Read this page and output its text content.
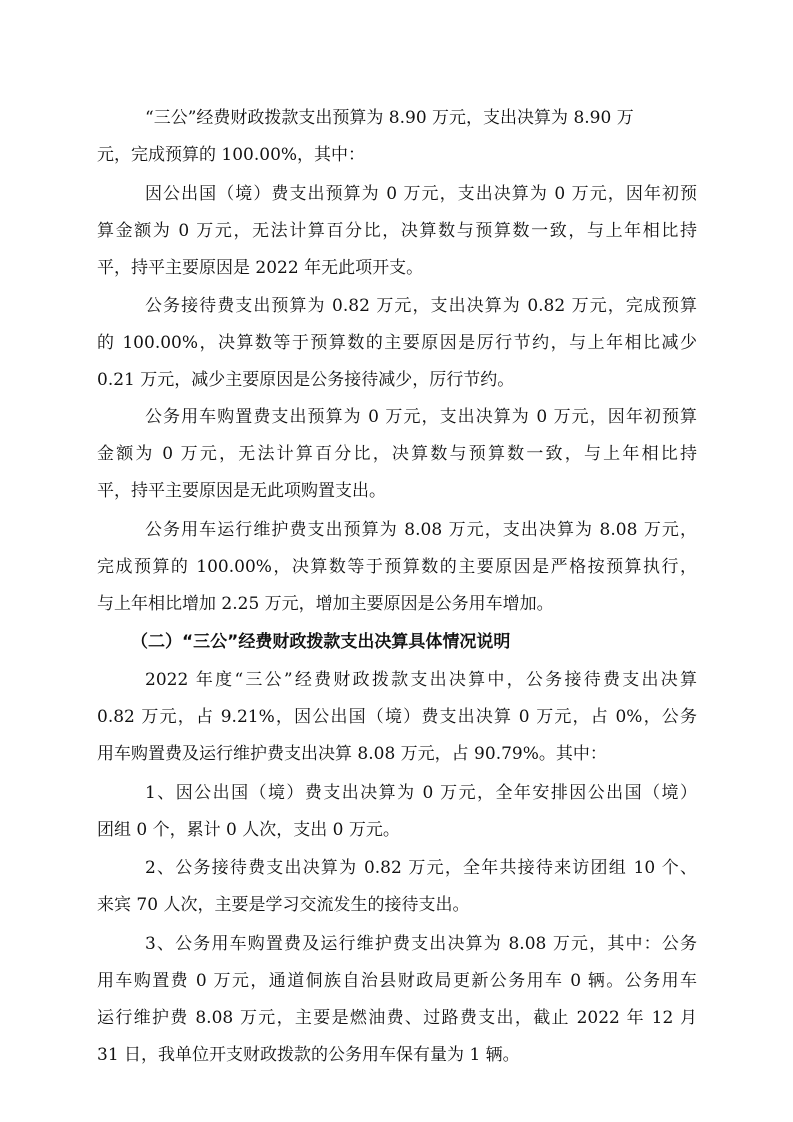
“三公”经费财政拨款支出预算为 8.90 万元，支出决算为 8.90 万
元，完成预算的 100.00%，其中：
因公出国（境）费支出预算为 0 万元，支出决算为 0 万元，因年初预
算金额为 0 万元，无法计算百分比，决算数与预算数一致，与上年相比持
平，持平主要原因是 2022 年无此项开支。
公务接待费支出预算为 0.82 万元，支出决算为 0.82 万元，完成预算
的 100.00%，决算数等于预算数的主要原因是厉行节约，与上年相比减少
0.21 万元，减少主要原因是公务接待减少，厉行节约。
公务用车购置费支出预算为 0 万元，支出决算为 0 万元，因年初预算
金额为 0 万元，无法计算百分比，决算数与预算数一致，与上年相比持
平，持平主要原因是无此项购置支出。
公务用车运行维护费支出预算为 8.08 万元，支出决算为 8.08 万元，
完成预算的 100.00%，决算数等于预算数的主要原因是严格按预算执行，
与上年相比增加 2.25 万元，增加主要原因是公务用车增加。
（二）“三公”经费财政拨款支出决算具体情况说明
2022 年度“三公”经费财政拨款支出决算中，公务接待费支出决算
0.82 万元，占 9.21%，因公出国（境）费支出决算 0 万元，占 0%，公务
用车购置费及运行维护费支出决算 8.08 万元，占 90.79%。其中：
1、因公出国（境）费支出决算为 0 万元，全年安排因公出国（境）
团组 0 个，累计 0 人次，支出 0 万元。
2、公务接待费支出决算为 0.82 万元，全年共接待来访团组 10 个、
来宾 70 人次，主要是学习交流发生的接待支出。
3、公务用车购置费及运行维护费支出决算为 8.08 万元，其中：公务
用车购置费 0 万元，通道侗族自治县财政局更新公务用车 0 辆。公务用车
运行维护费 8.08 万元，主要是燃油费、过路费支出，截止 2022 年 12 月
31 日，我单位开支财政拨款的公务用车保有量为 1 辆。
